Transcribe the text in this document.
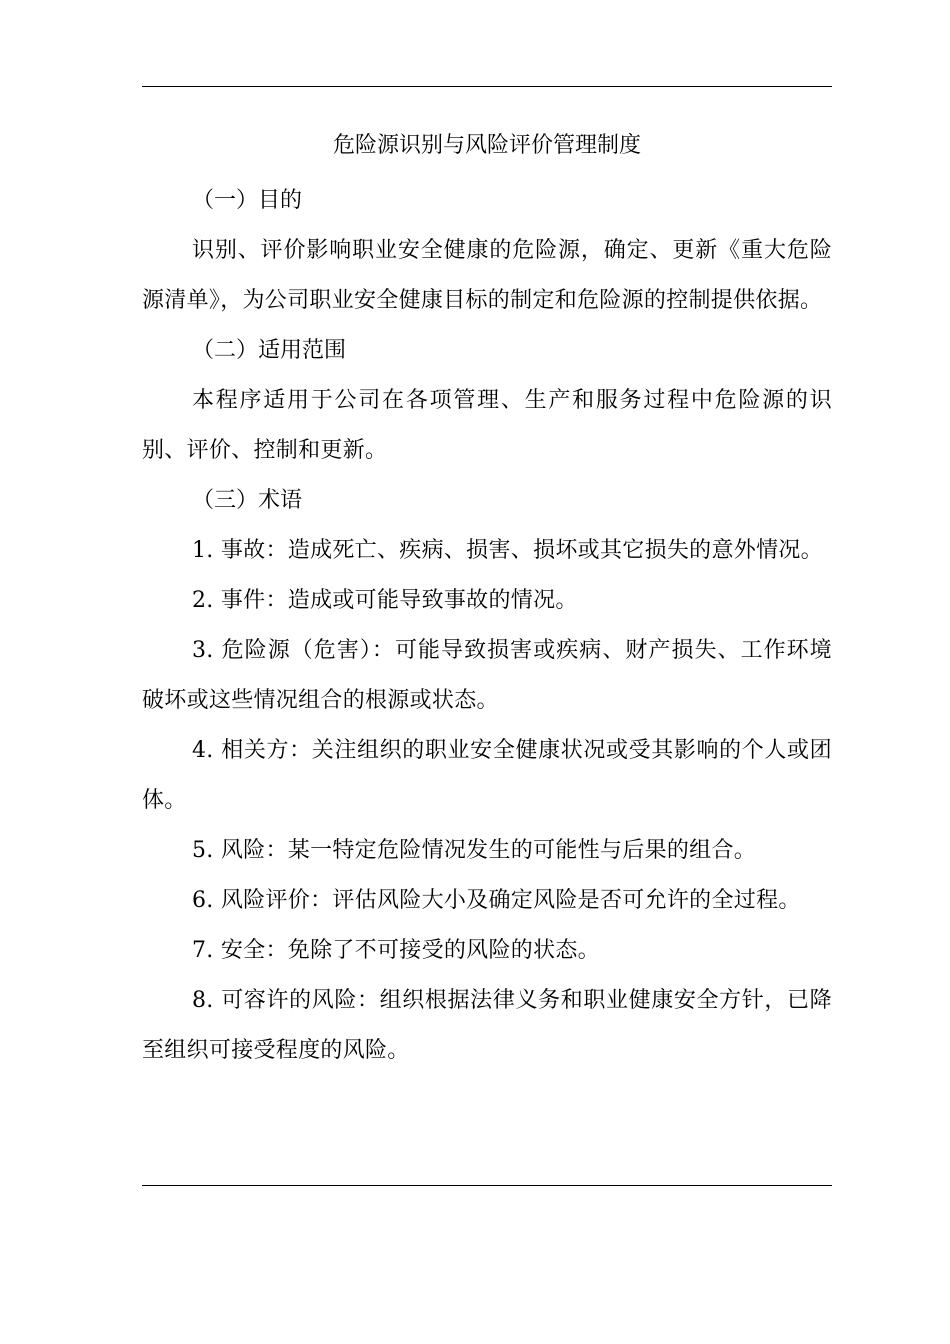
危险源识别与风险评价管理制度

（一）目的

识别、评价影响职业安全健康的危险源，确定、更新《重大危险源清单》，为公司职业安全健康目标的制定和危险源的控制提供依据。

（二）适用范围

本程序适用于公司在各项管理、生产和服务过程中危险源的识别、评价、控制和更新。

（三）术语

1. 事故：造成死亡、疾病、损害、损坏或其它损失的意外情况。

2. 事件：造成或可能导致事故的情况。

3. 危险源（危害）：可能导致损害或疾病、财产损失、工作环境破坏或这些情况组合的根源或状态。

4. 相关方：关注组织的职业安全健康状况或受其影响的个人或团体。

5. 风险：某一特定危险情况发生的可能性与后果的组合。

6. 风险评价：评估风险大小及确定风险是否可允许的全过程。

7. 安全：免除了不可接受的风险的状态。

8. 可容许的风险：组织根据法律义务和职业健康安全方针，已降至组织可接受程度的风险。
